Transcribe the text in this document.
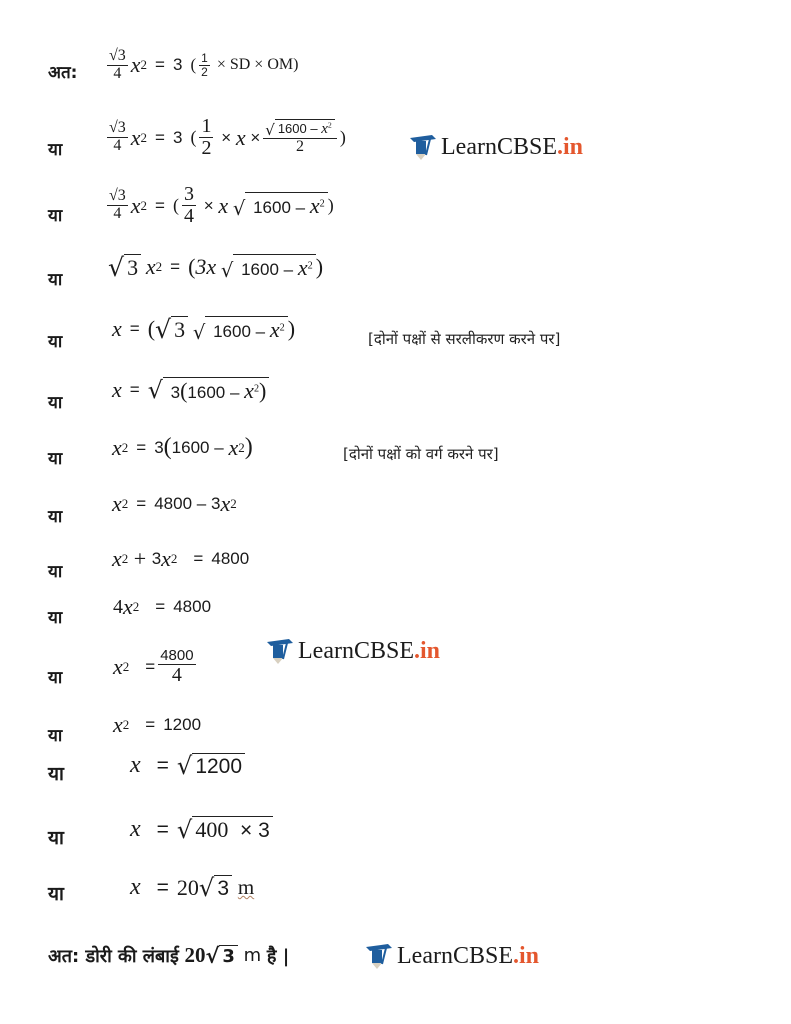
अत: $\frac{√3}{4}$ x 2 = 3 ( $\frac{1}{2}$ × SD × OM)
या	$\frac{√3}{4}$ x 2 = 3 ( $\frac{1}{2} \times x \times \frac{√ 1600 - x^2}{2}$ )	LearnCBSE .in
या	$\frac{√3}{4}$ x 2 = ( $\frac{3}{4} \times x$
√ $1600 - x^2$ )
या √ 3
x 2 = ( 3x
√ $1600 - x^2$ )
या
x = ( √ 3
√ $1600 - x^2$ )	[दोनों पक्षों से सरलीकरण करने पर]
या
x = √ $3(1600 - x^2)$
या x 2 = 3 ( 1600
–
x 2 )	[दोनों पक्षों को वर्ग करने पर]
या
x 2 = 4800
–
3 x 2
या
x 2 + 3 x 2 = 4800
या
4 x 2 = 4800
LearnCBSE .in
या x $2 = \frac{4800}{4}$
या x 2 = 1200
या	x = √ 1200
या	x = √ 400 × 3
या	x = 20 √ 3
m
अत: डोरी की लंबाई
20 √ 3
m
है |	LearnCBSE .in
